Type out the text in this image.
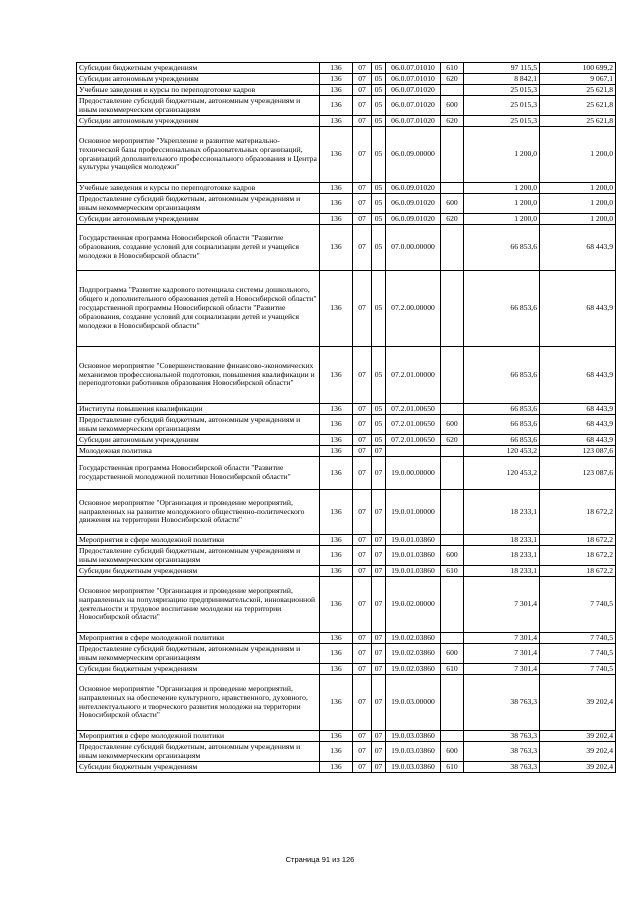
Субсидии бюджетным учреждениям	136	07	05	06.0.07.01010	610	97 115,5	100 699,2
Субсидии автономным учреждениям	136	07	05	06.0.07.01010	620	8 842,1	9 067,1
Учебные заведения и курсы по переподготовке кадров	136	07	05	06.0.07.01020		25 015,3	25 621,8
Предоставление субсидий бюджетным, автономным учреждениям и иным некоммерческим организациям	136	07	05	06.0.07.01020	600	25 015,3	25 621,8
Субсидии автономным учреждениям	136	07	05	06.0.07.01020	620	25 015,3	25 621,8
Основное мероприятие "Укрепление и развитие материально-технической базы профессиональных образовательных организаций, организаций дополнительного профессионального образования и Центра культуры учащейся молодежи"	136	07	05	06.0.09.00000		1 200,0	1 200,0
Учебные заведения и курсы по переподготовке кадров	136	07	05	06.0.09.01020		1 200,0	1 200,0
Предоставление субсидий бюджетным, автономным учреждениям и иным некоммерческим организациям	136	07	05	06.0.09.01020	600	1 200,0	1 200,0
Субсидии автономным учреждениям	136	07	05	06.0.09.01020	620	1 200,0	1 200,0
Государственная программа Новосибирской области "Развитие образования, создание условий для социализации детей и учащейся молодежи в Новосибирской области"	136	07	05	07.0.00.00000		66 853,6	68 443,9
Подпрограмма "Развитие кадрового потенциала системы дошкольного, общего и дополнительного образования детей в Новосибирской области" государственной программы Новосибирской области "Развитие образования, создание условий для социализации детей и учащейся молодежи в Новосибирской области"	136	07	05	07.2.00.00000		66 853,6	68 443,9
Основное мероприятие "Совершенствование финансово-экономических механизмов профессиональной подготовки, повышения квалификации и переподготовки работников образования Новосибирской области"	136	07	05	07.2.01.00000		66 853,6	68 443,9
Институты повышения квалификации	136	07	05	07.2.01.00650		66 853,6	68 443,9
Предоставление субсидий бюджетным, автономным учреждениям и иным некоммерческим организациям	136	07	05	07.2.01.00650	600	66 853,6	68 443,9
Субсидии автономным учреждениям	136	07	05	07.2.01.00650	620	66 853,6	68 443,9
Молодежная политика	136	07	07			120 453,2	123 087,6
Государственная программа Новосибирской области "Развитие государственной молодежной политики Новосибирской области"	136	07	07	19.0.00.00000		120 453,2	123 087,6
Основное мероприятие "Организация и проведение мероприятий, направленных на развитие молодежного общественно-политического движения на территории Новосибирской области"	136	07	07	19.0.01.00000		18 233,1	18 672,2
Мероприятия в сфере молодежной политики	136	07	07	19.0.01.03860		18 233,1	18 672,2
Предоставление субсидий бюджетным, автономным учреждениям и иным некоммерческим организациям	136	07	07	19.0.01.03860	600	18 233,1	18 672,2
Субсидии бюджетным учреждениям	136	07	07	19.0.01.03860	610	18 233,1	18 672,2
Основное мероприятие "Организация и проведение мероприятий, направленных на популяризацию предпринимательской, инновационной деятельности и трудовое воспитание молодежи на территории Новосибирской области"	136	07	07	19.0.02.00000		7 301,4	7 740,5
Мероприятия в сфере молодежной политики	136	07	07	19.0.02.03860		7 301,4	7 740,5
Предоставление субсидий бюджетным, автономным учреждениям и иным некоммерческим организациям	136	07	07	19.0.02.03860	600	7 301,4	7 740,5
Субсидии бюджетным учреждениям	136	07	07	19.0.02.03860	610	7 301,4	7 740,5
Основное мероприятие "Организация и проведение мероприятий, направленных на обеспечение культурного, нравственного, духовного, интеллектуального и творческого развития молодежи на территории Новосибирской области"	136	07	07	19.0.03.00000		38 763,3	39 202,4
Мероприятия в сфере молодежной политики	136	07	07	19.0.03.03860		38 763,3	39 202,4
Предоставление субсидий бюджетным, автономным учреждениям и иным некоммерческим организациям	136	07	07	19.0.03.03860	600	38 763,3	39 202,4
Субсидии бюджетным учреждениям	136	07	07	19.0.03.03860	610	38 763,3	39 202,4
Страница 91 из 126
